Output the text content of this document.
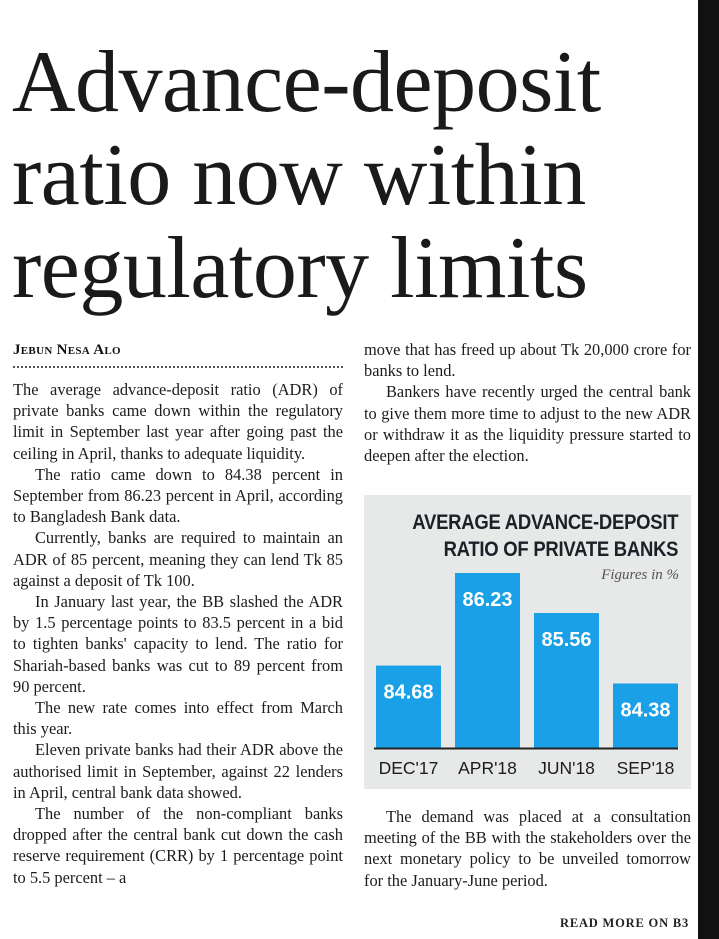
Advance-deposit
ratio now within
regulatory limits
Jebun Nesa Alo

The average advance-deposit ratio (ADR) of private banks came down within the regulatory limit in September last year after going past the ceiling in April, thanks to adequate liquidity.

The ratio came down to 84.38 percent in September from 86.23 percent in April, according to Bangladesh Bank data.

Currently, banks are required to maintain an ADR of 85 percent, meaning they can lend Tk 85 against a deposit of Tk 100.

In January last year, the BB slashed the ADR by 1.5 percentage points to 83.5 percent in a bid to tighten banks' capacity to lend. The ratio for Shariah-based banks was cut to 89 percent from 90 percent.

The new rate comes into effect from March this year.

Eleven private banks had their ADR above the authorised limit in September, against 22 lenders in April, central bank data showed.

The number of the non-compliant banks dropped after the central bank cut down the cash reserve requirement (CRR) by 1 percentage point to 5.5 percent – a

move that has freed up about Tk 20,000 crore for banks to lend.

Bankers have recently urged the central bank to give them more time to adjust to the new ADR or withdraw it as the liquidity pressure started to deepen after the election.

84.68
DEC'17
86.23
APR'18
85.56
JUN'18
84.38
SEP'18
AVERAGE ADVANCE-DEPOSIT
RATIO OF PRIVATE BANKS
Figures in %

The demand was placed at a consultation meeting of the BB with the stakeholders over the next monetary policy to be unveiled tomorrow for the January-June period.

READ MORE ON B3
